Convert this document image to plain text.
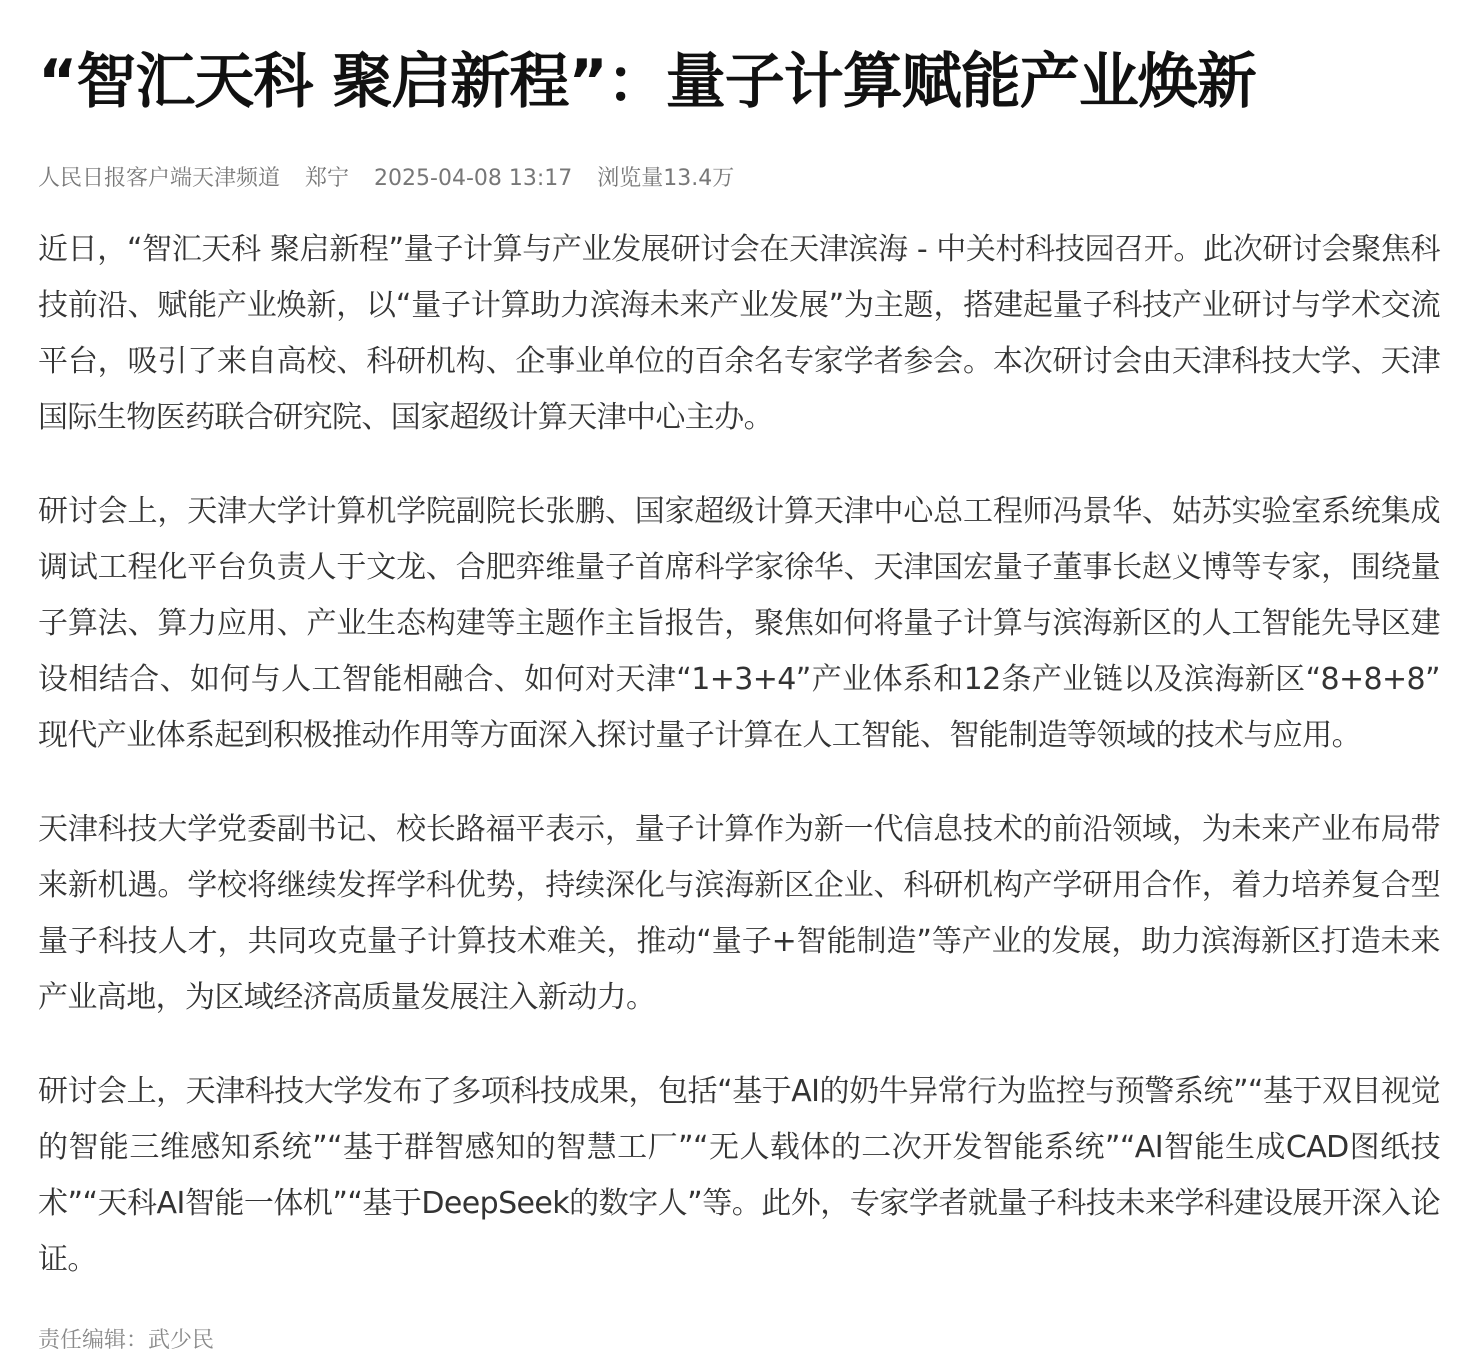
“智汇天科 聚启新程”：量子计算赋能产业焕新
人民日报客户端天津频道 郑宁 2025-04-08 13:17 浏览量13.4万

近日，“智汇天科 聚启新程”量子计算与产业发展研讨会在天津滨海 - 中关村科技园召开。此次研讨会聚焦科技前沿、赋能产业焕新，以“量子计算助力滨海未来产业发展”为主题，搭建起量子科技产业研讨与学术交流平台，吸引了来自高校、科研机构、企事业单位的百余名专家学者参会。本次研讨会由天津科技大学、天津国际生物医药联合研究院、国家超级计算天津中心主办。

研讨会上，天津大学计算机学院副院长张鹏、国家超级计算天津中心总工程师冯景华、姑苏实验室系统集成调试工程化平台负责人于文龙、合肥弈维量子首席科学家徐华、天津国宏量子董事长赵义博等专家，围绕量子算法、算力应用、产业生态构建等主题作主旨报告，聚焦如何将量子计算与滨海新区的人工智能先导区建设相结合、如何与人工智能相融合、如何对天津“1+3+4”产业体系和12条产业链以及滨海新区“8+8+8” 现代产业体系起到积极推动作用等方面深入探讨量子计算在人工智能、智能制造等领域的技术与应用。

天津科技大学党委副书记、校长路福平表示，量子计算作为新一代信息技术的前沿领域，为未来产业布局带来新机遇。学校将继续发挥学科优势，持续深化与滨海新区企业、科研机构产学研用合作，着力培养复合型量子科技人才，共同攻克量子计算技术难关，推动“量子+智能制造”等产业的发展，助力滨海新区打造未来产业高地，为区域经济高质量发展注入新动力。

研讨会上，天津科技大学发布了多项科技成果，包括“基于AI的奶牛异常行为监控与预警系统”“基于双目视觉的智能三维感知系统”“基于群智感知的智慧工厂”“无人载体的二次开发智能系统”“AI智能生成CAD图纸技术”“天科AI智能一体机”“基于DeepSeek的数字人”等。此外，专家学者就量子科技未来学科建设展开深入论证。

责任编辑：武少民
